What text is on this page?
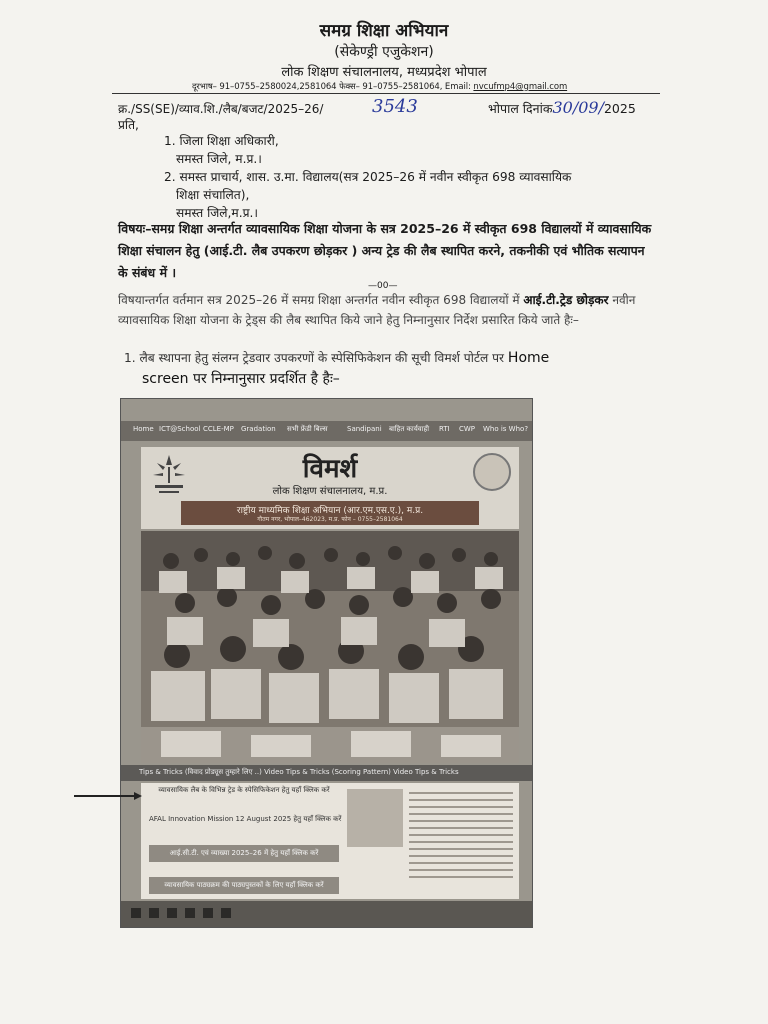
समग्र शिक्षा अभियान
(सेकेण्ड्री एजुकेशन)
लोक शिक्षण संचालनालय, मध्यप्रदेश भोपाल
दूरभाष– 91–0755–2580024,2581064 फेक्स– 91–0755–2581064, Email: nvcufmp4@gmail.com
क्र./SS(SE)/व्याव.शि./लैब/बजट/2025–26/	3543	भोपाल दिनांक30/09/2025
प्रति,
1. जिला शिक्षा अधिकारी,
समस्त जिले, म.प्र.।
2. समस्त प्राचार्य, शास. उ.मा. विद्यालय(सत्र 2025–26 में नवीन स्वीकृत 698 व्यावसायिक
शिक्षा संचालित),
समस्त जिले,म.प्र.।
विषयः–समग्र शिक्षा अन्तर्गत व्यावसायिक शिक्षा योजना के सत्र 2025–26 में स्वीकृत 698 विद्यालयों में व्यावसायिक शिक्षा संचालन हेतु (आई.टी. लैब उपकरण छोड़कर ) अन्य ट्रेड की लैब स्थापित करने, तकनीकी एवं भौतिक सत्यापन के संबंध में ।
—00—
विषयान्तर्गत वर्तमान सत्र 2025–26 में समग्र शिक्षा अन्तर्गत नवीन स्वीकृत 698 विद्यालयों में आई.टी.ट्रेड छोड़कर नवीन व्यावसायिक शिक्षा योजना के ट्रेड्स की लैब स्थापित किये जाने हेतु निम्नानुसार निर्देश प्रसारित किये जाते हैः–
1. लैब स्थापना हेतु संलग्न ट्रेडवार उपकरणों के स्पेसिफिकेशन की सूची विमर्श पोर्टल पर Home
screen पर निम्नानुसार प्रदर्शित है हैः–
Home ICT@School CCLE-MP Gradation सभी फ्रेंडी बिल्स	Sandipani बाहित कार्यवाही RTI CWP Who is Who?
विमर्श
लोक शिक्षण संचालनालय, म.प्र.
राष्ट्रीय माध्यमिक शिक्षा अभियान (आर.एम.एस.ए.), म.प्र.
गौतम नगर, भोपाल–462023, म.प्र. फोन – 0755–2581064
Tips & Tricks (विवाद प्रोड्यूस तुम्हारे लिए ..) Video Tips & Tricks (Scoring Pattern) Video Tips & Tricks
व्यावसायिक लैब के विभिन्न ट्रेड के स्पेसिफिकेशन हेतु यहाँ क्लिक करें
AFAL Innovation Mission 12 August 2025 हेतु यहाँ क्लिक करें
आई.सी.टी. एवं व्याख्या 2025–26 में हेतु यहाँ क्लिक करें
व्यावसायिक पाठ्यक्रम की पाठ्यपुस्तकों के लिए यहाँ क्लिक करें
